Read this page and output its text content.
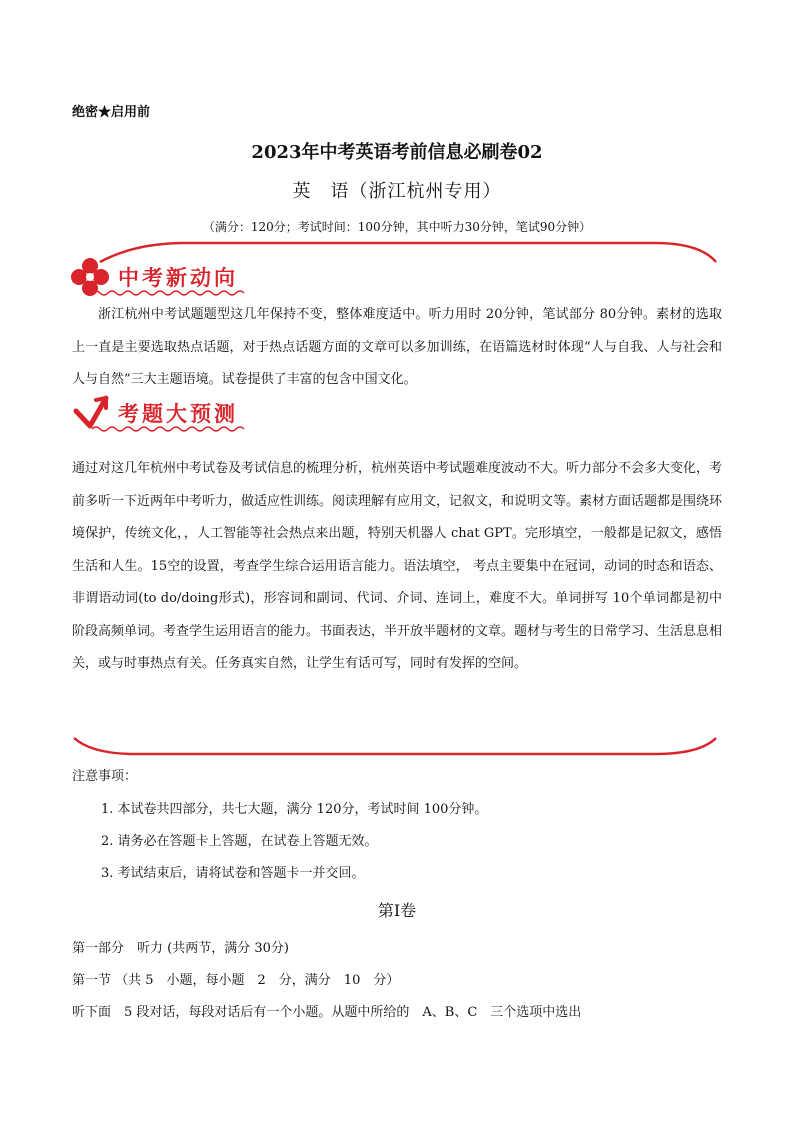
绝密★启用前
2023年中考英语考前信息必刷卷02
英　语（浙江杭州专用）
（满分：120分；考试时间：100分钟，其中听力30分钟，笔试90分钟）
中考新动向
浙江杭州中考试题题型这几年保持不变，整体难度适中。听力用时 20分钟，笔试部分 80分钟。素材的选取上一直是主要选取热点话题，对于热点话题方面的文章可以多加训练，在语篇选材时体现“人与自我、人与社会和人与自然”三大主题语境。试卷提供了丰富的包含中国文化。
考题大预测
通过对这几年杭州中考试卷及考试信息的梳理分析，杭州英语中考试题难度波动不大。听力部分不会多大变化，考前多听一下近两年中考听力，做适应性训练。阅读理解有应用文，记叙文，和说明文等。素材方面话题都是围绕环境保护，传统文化，，人工智能等社会热点来出题，特别天机器人 chat GPT。完形填空，一般都是记叙文，感悟生活和人生。15空的设置，考查学生综合运用语言能力。语法填空， 考点主要集中在冠词，动词的时态和语态、非谓语动词(to do/doing形式)，形容词和副词、代词、介词、连词上，难度不大。单词拼写 10个单词都是初中阶段高频单词。考查学生运用语言的能力。书面表达，半开放半题材的文章。题材与考生的日常学习、生活息息相关，或与时事热点有关。任务真实自然，让学生有话可写，同时有发挥的空间。
注意事项：
1. 本试卷共四部分，共七大题，满分 120分，考试时间 100分钟。
2. 请务必在答题卡上答题，在试卷上答题无效。
3. 考试结束后，请将试卷和答题卡一并交回。
第Ⅰ卷
第一部分　听力 (共两节，满分 30分)
第一节 （共 5　小题，每小题　2　分，满分　10　分）
听下面　5 段对话，每段对话后有一个小题。从题中所给的　A、B、C　三个选项中选出
